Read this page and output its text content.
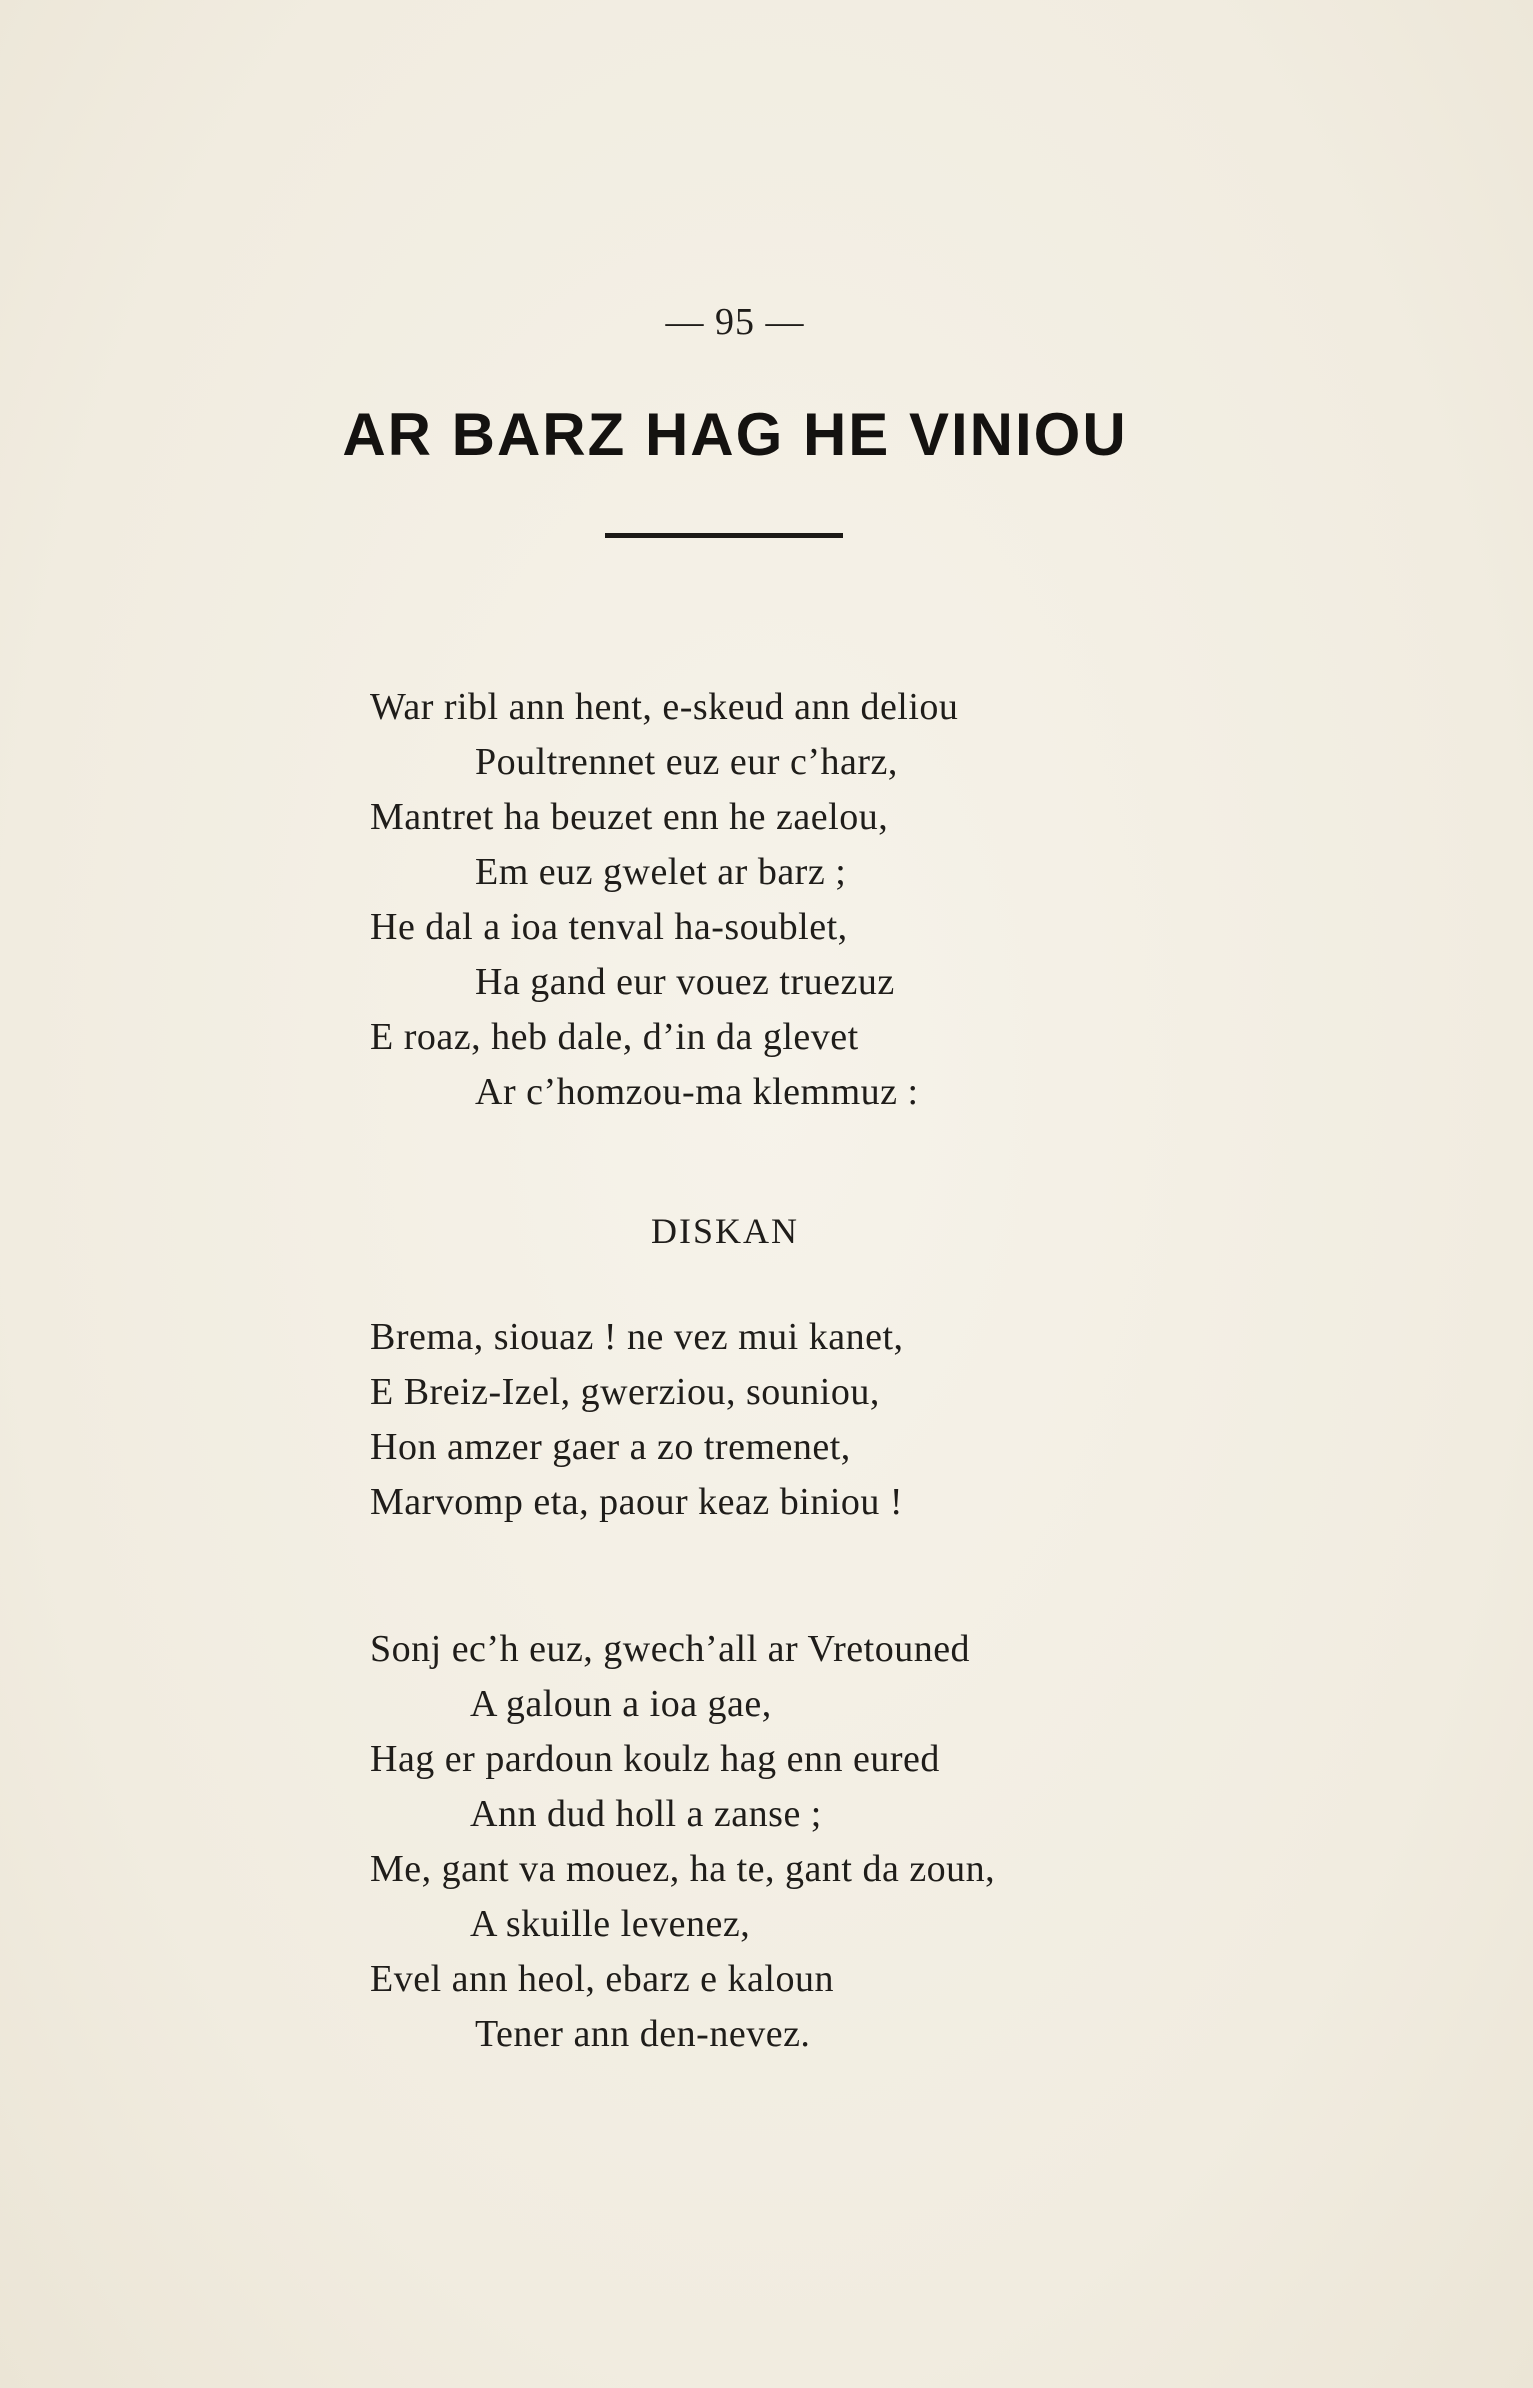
— 95 —
AR BARZ HAG HE VINIOU
War ribl ann hent, e-skeud ann deliou
Poultrennet euz eur c’harz,
Mantret ha beuzet enn he zaelou,
Em euz gwelet ar barz ;
He dal a ioa tenval ha-soublet,
Ha gand eur vouez truezuz
E roaz, heb dale, d’in da glevet
Ar c’homzou-ma klemmuz :
DISKAN
Brema, siouaz ! ne vez mui kanet,
E Breiz-Izel, gwerziou, souniou,
Hon amzer gaer a zo tremenet,
Marvomp eta, paour keaz biniou !
Sonj ec’h euz, gwech’all ar Vretouned
A galoun a ioa gae,
Hag er pardoun koulz hag enn eured
Ann dud holl a zanse ;
Me, gant va mouez, ha te, gant da zoun,
A skuille levenez,
Evel ann heol, ebarz e kaloun
Tener ann den-nevez.
